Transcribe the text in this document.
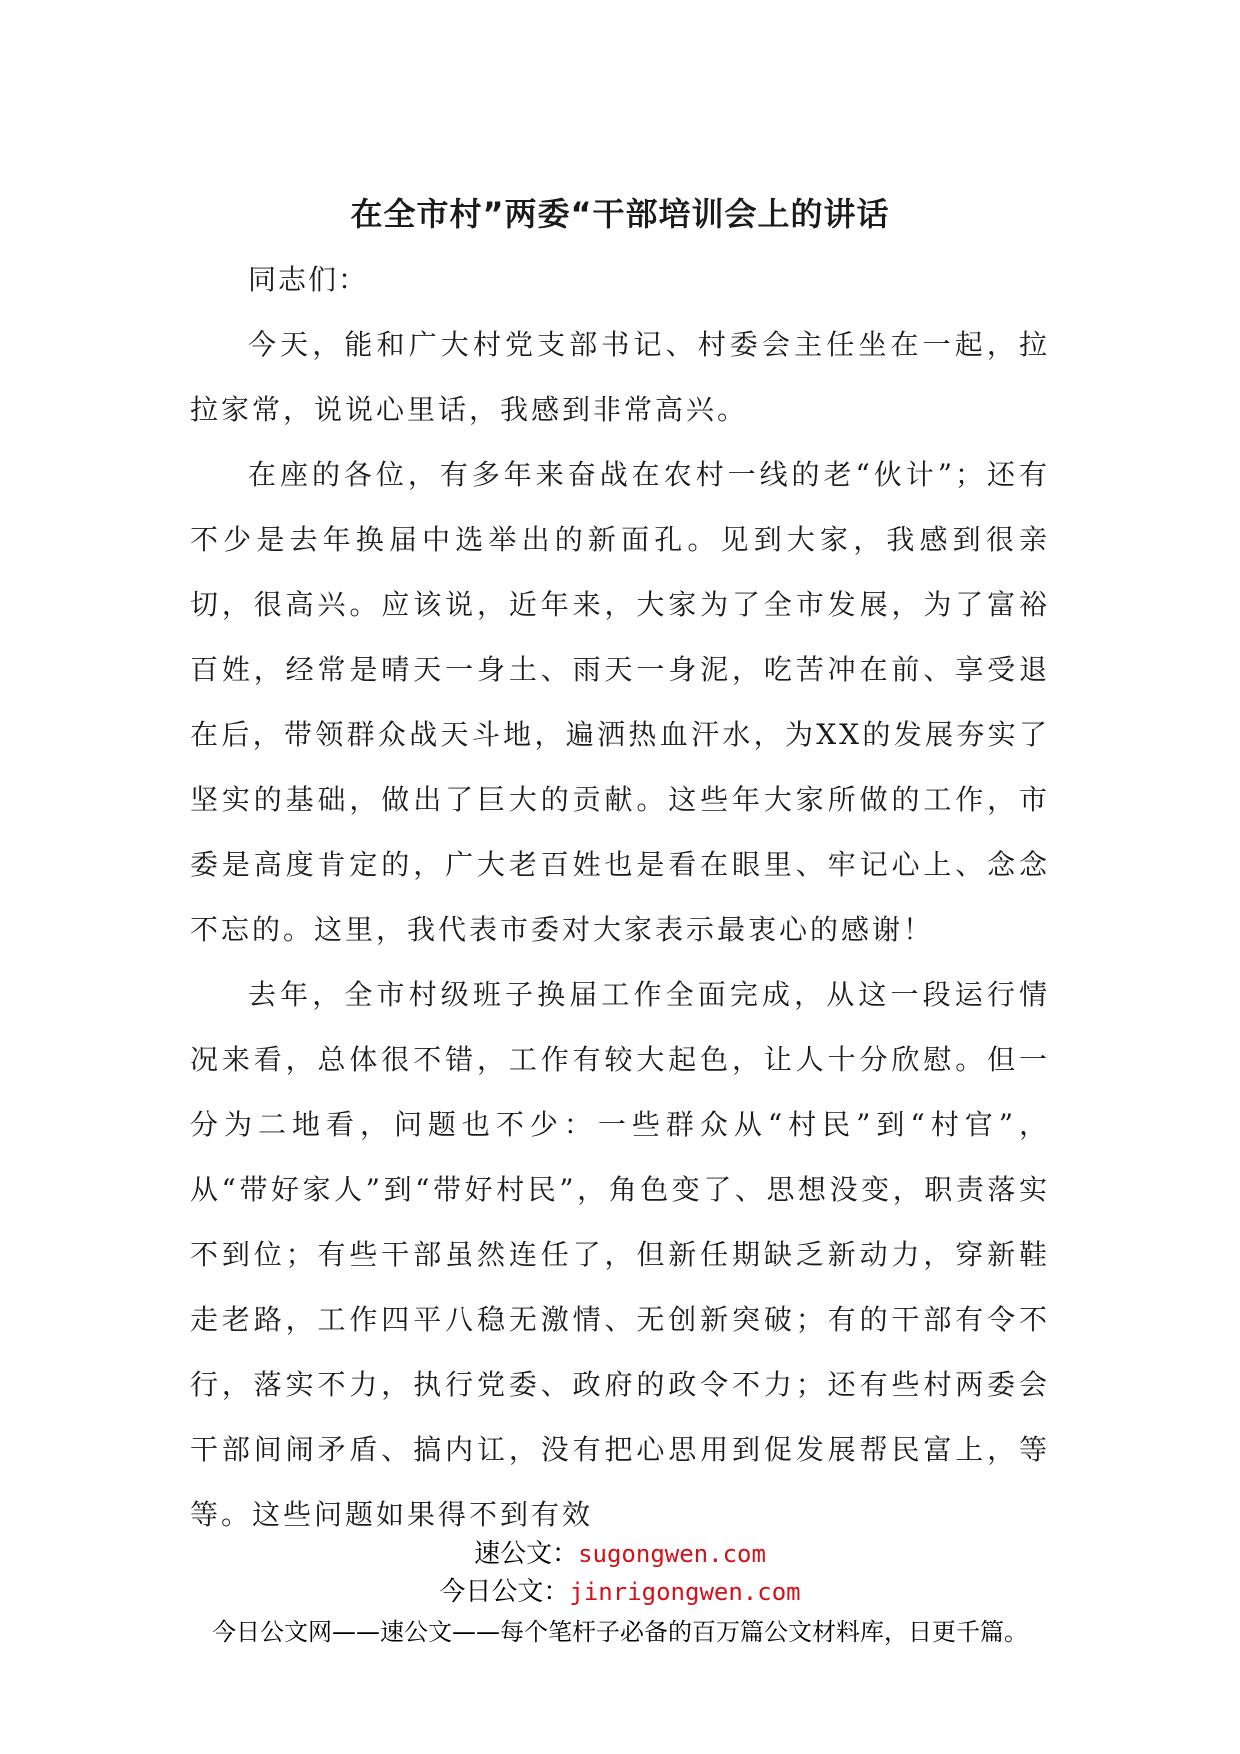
在全市村”两委“干部培训会上的讲话

同志们：

今天，能和广大村党支部书记、村委会主任坐在一起，拉拉家常，说说心里话，我感到非常高兴。

在座的各位，有多年来奋战在农村一线的老“伙计”；还有不少是去年换届中选举出的新面孔。见到大家，我感到很亲切，很高兴。应该说，近年来，大家为了全市发展，为了富裕百姓，经常是晴天一身土、雨天一身泥，吃苦冲在前、享受退在后，带领群众战天斗地，遍洒热血汗水，为XX的发展夯实了坚实的基础，做出了巨大的贡献。这些年大家所做的工作，市委是高度肯定的，广大老百姓也是看在眼里、牢记心上、念念不忘的。这里，我代表市委对大家表示最衷心的感谢！

去年，全市村级班子换届工作全面完成，从这一段运行情况来看，总体很不错，工作有较大起色，让人十分欣慰。但一分为二地看，问题也不少：一些群众从“村民”到“村官”，从“带好家人”到“带好村民”，角色变了、思想没变，职责落实不到位；有些干部虽然连任了，但新任期缺乏新动力，穿新鞋走老路，工作四平八稳无激情、无创新突破；有的干部有令不行，落实不力，执行党委、政府的政令不力；还有些村两委会干部间闹矛盾、搞内讧，没有把心思用到促发展帮民富上，等等。这些问题如果得不到有效

速公文：sugongwen.com
今日公文：jinrigongwen.com
今日公文网——速公文——每个笔杆子必备的百万篇公文材料库，日更千篇。
